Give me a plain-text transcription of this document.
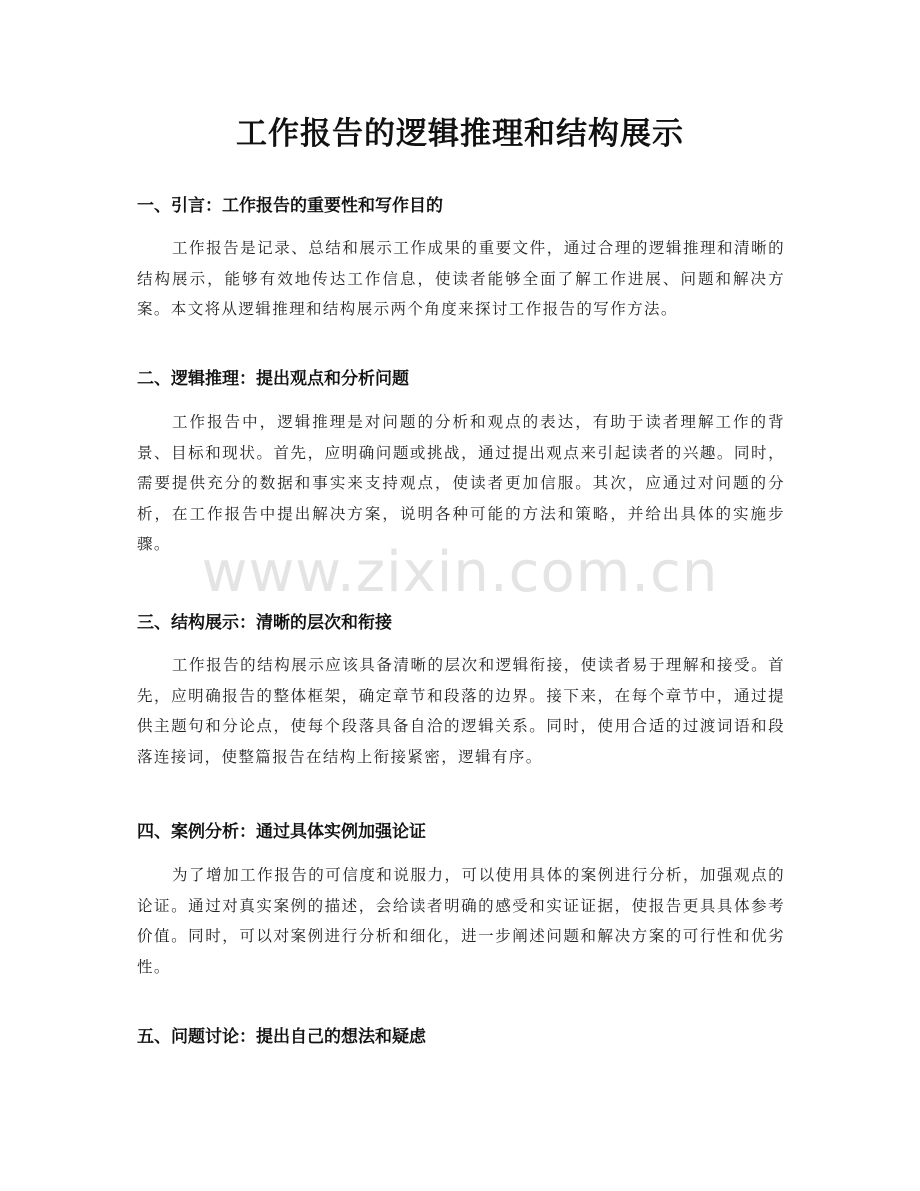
工作报告的逻辑推理和结构展示
一、引言：工作报告的重要性和写作目的

工作报告是记录、总结和展示工作成果的重要文件，通过合理的逻辑推理和清晰的结构展示，能够有效地传达工作信息，使读者能够全面了解工作进展、问题和解决方案。本文将从逻辑推理和结构展示两个角度来探讨工作报告的写作方法。

二、逻辑推理：提出观点和分析问题

工作报告中，逻辑推理是对问题的分析和观点的表达，有助于读者理解工作的背景、目标和现状。首先，应明确问题或挑战，通过提出观点来引起读者的兴趣。同时，需要提供充分的数据和事实来支持观点，使读者更加信服。其次，应通过对问题的分析，在工作报告中提出解决方案，说明各种可能的方法和策略，并给出具体的实施步骤。

三、结构展示：清晰的层次和衔接

工作报告的结构展示应该具备清晰的层次和逻辑衔接，使读者易于理解和接受。首先，应明确报告的整体框架，确定章节和段落的边界。接下来，在每个章节中，通过提供主题句和分论点，使每个段落具备自洽的逻辑关系。同时，使用合适的过渡词语和段落连接词，使整篇报告在结构上衔接紧密，逻辑有序。

四、案例分析：通过具体实例加强论证

为了增加工作报告的可信度和说服力，可以使用具体的案例进行分析，加强观点的论证。通过对真实案例的描述，会给读者明确的感受和实证证据，使报告更具具体参考价值。同时，可以对案例进行分析和细化，进一步阐述问题和解决方案的可行性和优劣性。

五、问题讨论：提出自己的想法和疑虑
www.zixin.com.cn
